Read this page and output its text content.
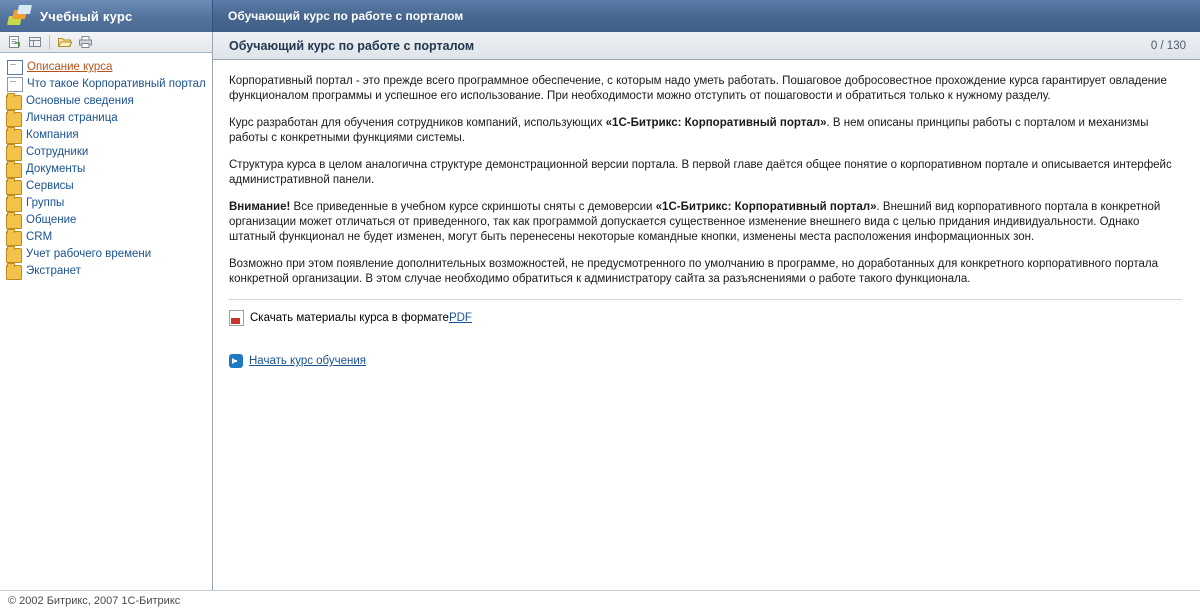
Учебный курс	Обучающий курс по работе с порталом
Описание курса
Что такое Корпоративный портал
Основные сведения
Личная страница
Компания
Сотрудники
Документы
Сервисы
Группы
Общение
CRM
Учет рабочего времени
Экстранет
Обучающий курс по работе с порталом	0 / 130

Корпоративный портал - это прежде всего программное обеспечение, с которым надо уметь работать. Пошаговое добросовестное прохождение курса гарантирует овладение функционалом программы и успешное его использование. При необходимости можно отступить от пошаговости и обратиться только к нужному разделу.

Курс разработан для обучения сотрудников компаний, использующих «1С-Битрикс: Корпоративный портал». В нем описаны принципы работы с порталом и механизмы работы с конкретными функциями системы.

Структура курса в целом аналогична структуре демонстрационной версии портала. В первой главе даётся общее понятие о корпоративном портале и описывается интерфейс административной панели.

Внимание! Все приведенные в учебном курсе скриншоты сняты с демоверсии «1С-Битрикс: Корпоративный портал». Внешний вид корпоративного портала в конкретной организации может отличаться от приведенного, так как программой допускается существенное изменение внешнего вида с целью придания индивидуальности. Однако штатный функционал не будет изменен, могут быть перенесены некоторые командные кнопки, изменены места расположения информационных зон.

Возможно при этом появление дополнительных возможностей, не предусмотренного по умолчанию в программе, но доработанных для конкретного корпоративного портала конкретной организации. В этом случае необходимо обратиться к администратору сайта за разъяснениями о работе такого функционала.

Скачать материалы курса в формате PDF
Начать курс обучения
© 2002 Битрикс, 2007 1С-Битрикс
